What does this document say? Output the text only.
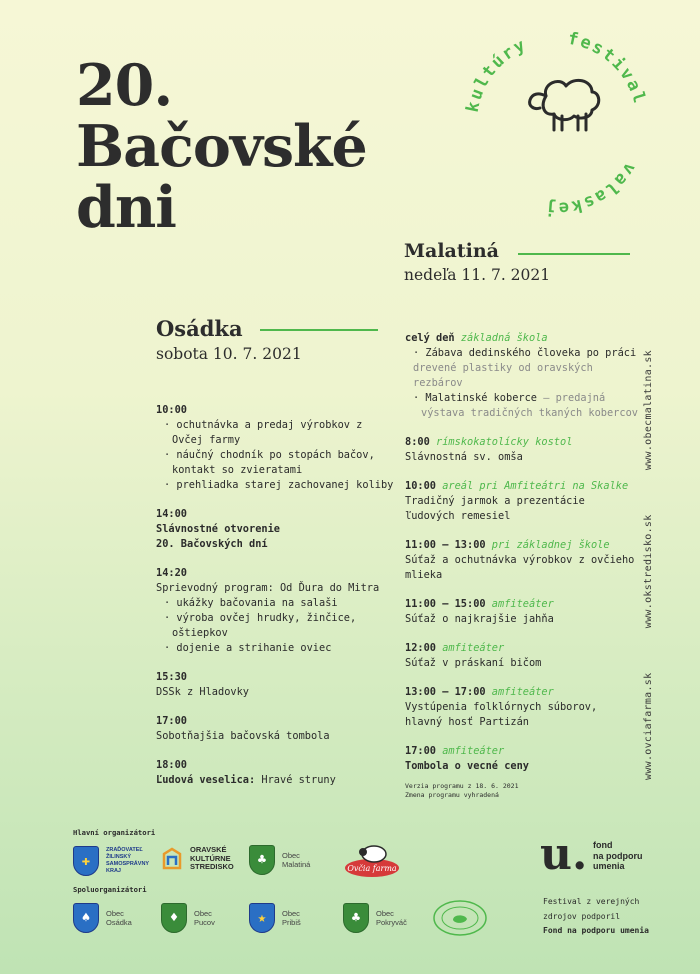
20.
Bačovské
dni
festival
valaskej
kultúry
Malatiná
nedeľa 11. 7. 2021
Osádka
sobota 10. 7. 2021
10:00
· ochutnávka a predaj výrobkov z Ovčej farmy
· náučný chodník po stopách bačov, kontakt so zvieratami
· prehliadka starej zachovanej koliby
14:00
Slávnostné otvorenie
20. Bačovských dní
14:20
Sprievodný program: Od Ďura do Mitra
· ukážky bačovania na salaši
· výroba ovčej hrudky, žinčice, oštiepkov
· dojenie a strihanie oviec
15:30
DSSk z Hladovky
17:00
Sobotňajšia bačovská tombola
18:00
Ľudová veselica: Hravé struny
celý deň základná škola
· Zábava dedinského človeka po práci
drevené plastiky od oravských rezbárov
· Malatinské koberce – predajná výstava tradičných tkaných kobercov
8:00 rímskokatolícky kostol
Slávnostná sv. omša
10:00 areál pri Amfiteátri na Skalke
Tradičný jarmok a prezentácie ľudových remesiel
11:00 – 13:00 pri základnej škole
Súťaž a ochutnávka výrobkov z ovčieho mlieka
11:00 – 15:00 amfiteáter
Súťaž o najkrajšie jahňa
12:00 amfiteáter
Súťaž v práskaní bičom
13:00 – 17:00 amfiteáter
Vystúpenia folklórnych súborov, hlavný hosť Partizán
17:00 amfiteáter
Tombola o vecné ceny
Verzia programu z 18. 6. 2021
Zmena programu vyhradená
www.ovciafarma.sk www.okstredisko.sk www.obecmalatina.sk
Hlavní organizátori
✚
ZRAĎOVATEĽ ŽILINSKÝ SAMOSPRÁVNY KRAJ
ORAVSKÉ
KULTÚRNE
STREDISKO ♣ Obec
Malatiná	Ovčia farma
Spoluorganizátori
♠ Obec
Osádka	♦ Obec
Pucov	★ Obec
Pribiš	♣ Obec
Pokryváč
u. fond
na podporu
umenia
Festival z verejných
zdrojov podporil
Fond na podporu umenia
